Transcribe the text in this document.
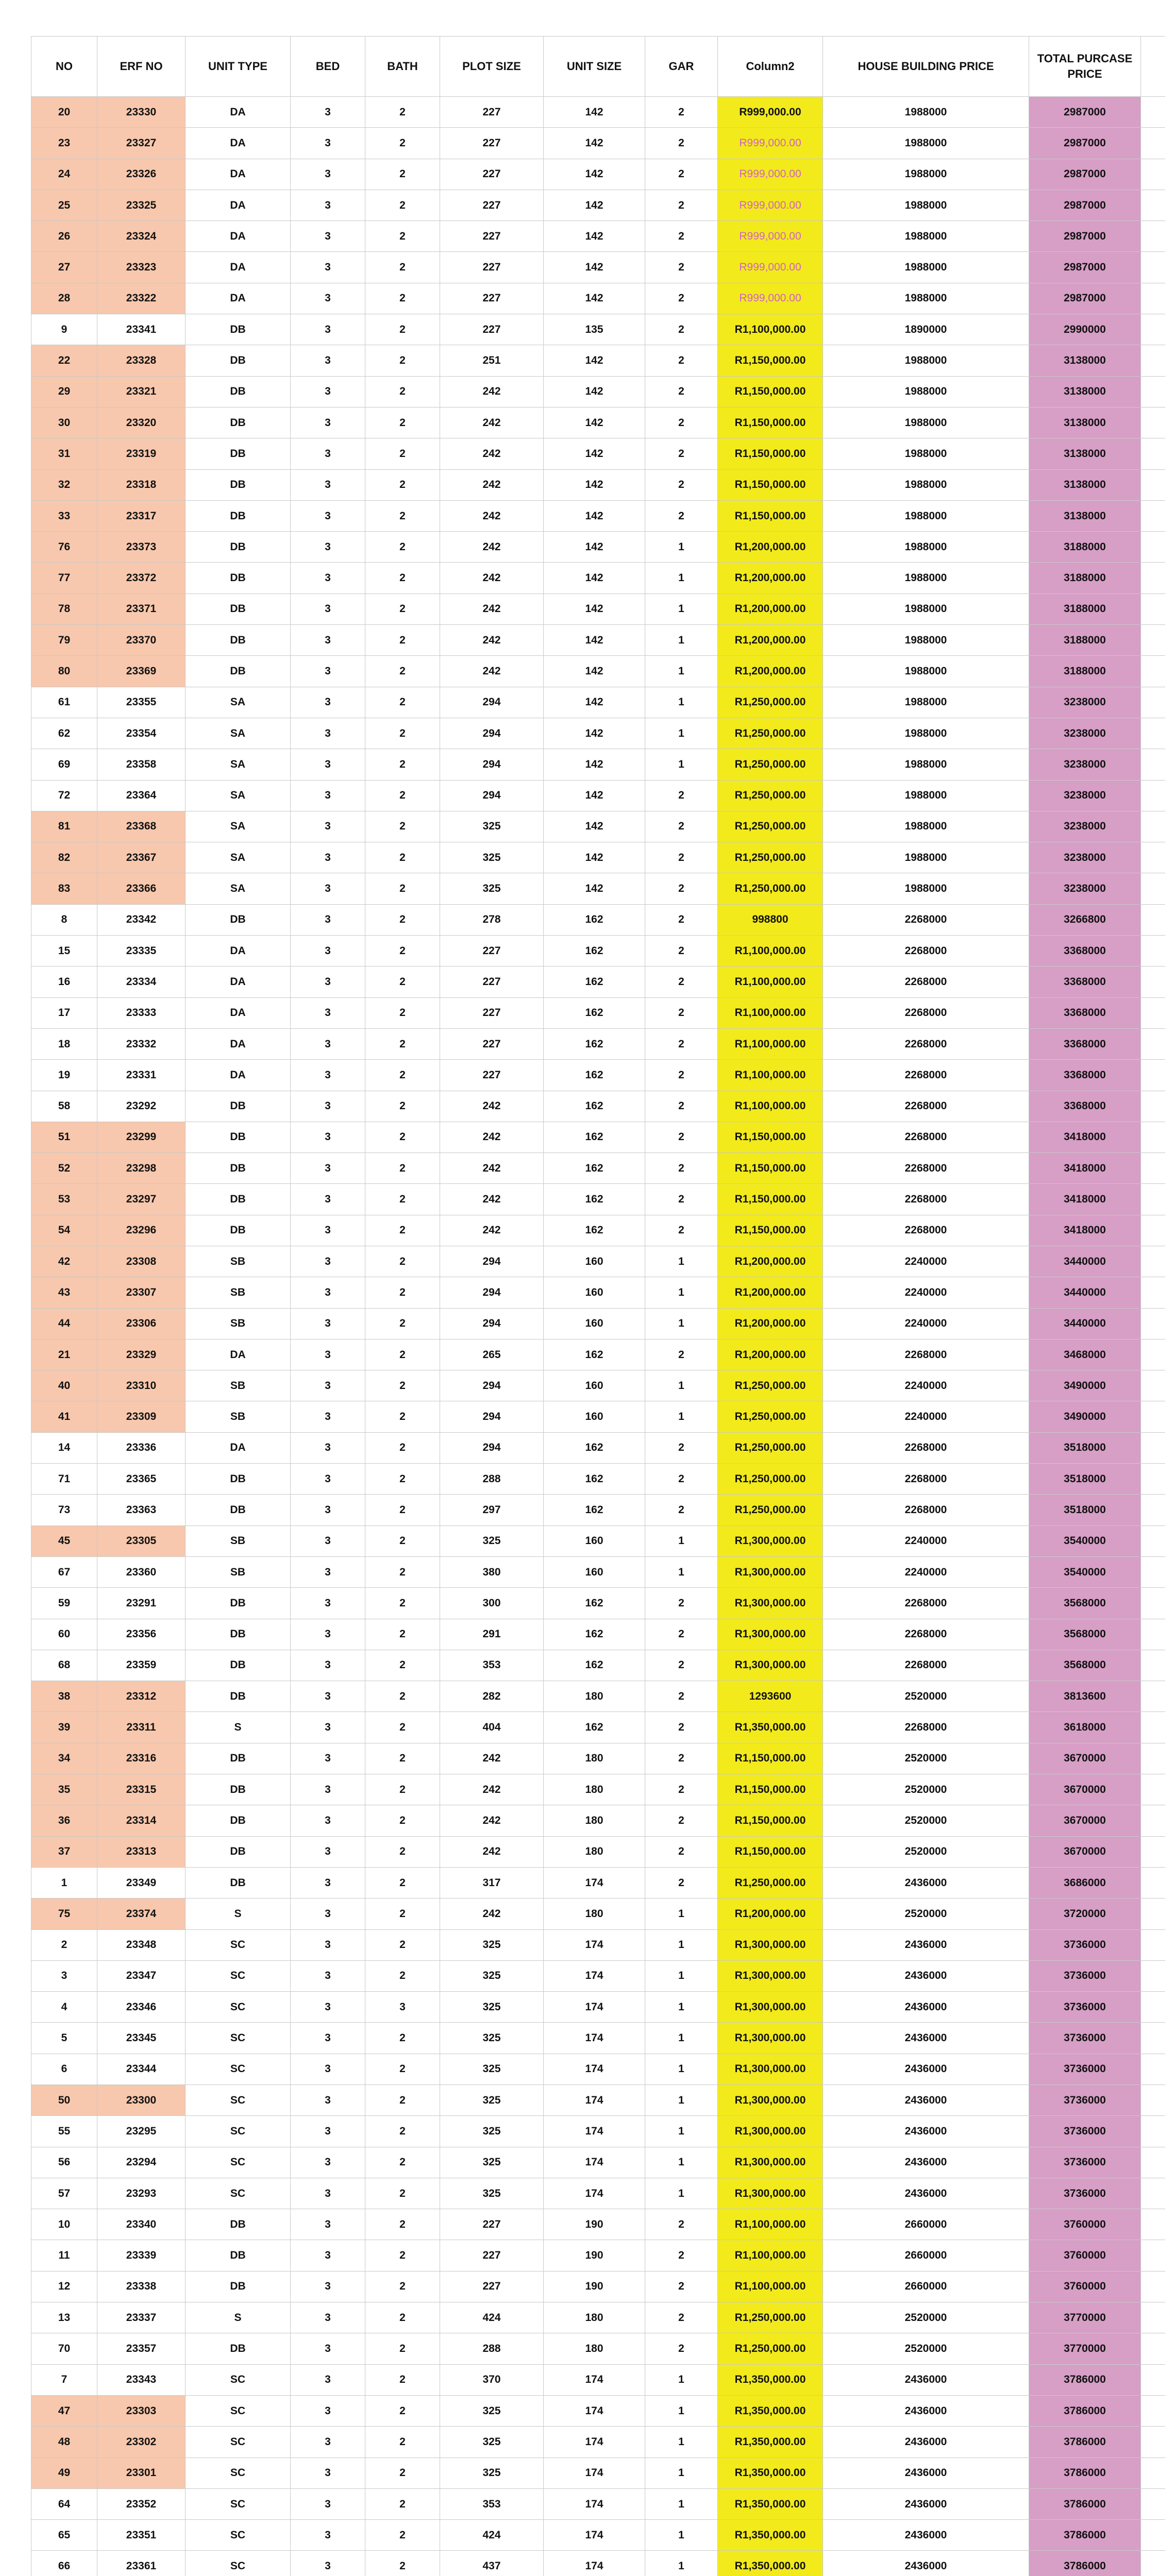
NO	ERF NO	UNIT TYPE	BED	BATH	PLOT SIZE	UNIT SIZE	GAR	Column2	HOUSE BUILDING PRICE	TOTAL PURCASE PRICE	
20	23330	DA	3	2	227	142	2	R999,000.00	1988000	2987000	
23	23327	DA	3	2	227	142	2	R999,000.00	1988000	2987000	
24	23326	DA	3	2	227	142	2	R999,000.00	1988000	2987000	
25	23325	DA	3	2	227	142	2	R999,000.00	1988000	2987000	
26	23324	DA	3	2	227	142	2	R999,000.00	1988000	2987000	
27	23323	DA	3	2	227	142	2	R999,000.00	1988000	2987000	
28	23322	DA	3	2	227	142	2	R999,000.00	1988000	2987000	
9	23341	DB	3	2	227	135	2	R1,100,000.00	1890000	2990000	
22	23328	DB	3	2	251	142	2	R1,150,000.00	1988000	3138000	
29	23321	DB	3	2	242	142	2	R1,150,000.00	1988000	3138000	
30	23320	DB	3	2	242	142	2	R1,150,000.00	1988000	3138000	
31	23319	DB	3	2	242	142	2	R1,150,000.00	1988000	3138000	
32	23318	DB	3	2	242	142	2	R1,150,000.00	1988000	3138000	
33	23317	DB	3	2	242	142	2	R1,150,000.00	1988000	3138000	
76	23373	DB	3	2	242	142	1	R1,200,000.00	1988000	3188000	
77	23372	DB	3	2	242	142	1	R1,200,000.00	1988000	3188000	
78	23371	DB	3	2	242	142	1	R1,200,000.00	1988000	3188000	
79	23370	DB	3	2	242	142	1	R1,200,000.00	1988000	3188000	
80	23369	DB	3	2	242	142	1	R1,200,000.00	1988000	3188000	
61	23355	SA	3	2	294	142	1	R1,250,000.00	1988000	3238000	
62	23354	SA	3	2	294	142	1	R1,250,000.00	1988000	3238000	
69	23358	SA	3	2	294	142	1	R1,250,000.00	1988000	3238000	
72	23364	SA	3	2	294	142	2	R1,250,000.00	1988000	3238000	
81	23368	SA	3	2	325	142	2	R1,250,000.00	1988000	3238000	
82	23367	SA	3	2	325	142	2	R1,250,000.00	1988000	3238000	
83	23366	SA	3	2	325	142	2	R1,250,000.00	1988000	3238000	
8	23342	DB	3	2	278	162	2	998800	2268000	3266800	
15	23335	DA	3	2	227	162	2	R1,100,000.00	2268000	3368000	
16	23334	DA	3	2	227	162	2	R1,100,000.00	2268000	3368000	
17	23333	DA	3	2	227	162	2	R1,100,000.00	2268000	3368000	
18	23332	DA	3	2	227	162	2	R1,100,000.00	2268000	3368000	
19	23331	DA	3	2	227	162	2	R1,100,000.00	2268000	3368000	
58	23292	DB	3	2	242	162	2	R1,100,000.00	2268000	3368000	
51	23299	DB	3	2	242	162	2	R1,150,000.00	2268000	3418000	
52	23298	DB	3	2	242	162	2	R1,150,000.00	2268000	3418000	
53	23297	DB	3	2	242	162	2	R1,150,000.00	2268000	3418000	
54	23296	DB	3	2	242	162	2	R1,150,000.00	2268000	3418000	
42	23308	SB	3	2	294	160	1	R1,200,000.00	2240000	3440000	
43	23307	SB	3	2	294	160	1	R1,200,000.00	2240000	3440000	
44	23306	SB	3	2	294	160	1	R1,200,000.00	2240000	3440000	
21	23329	DA	3	2	265	162	2	R1,200,000.00	2268000	3468000	
40	23310	SB	3	2	294	160	1	R1,250,000.00	2240000	3490000	
41	23309	SB	3	2	294	160	1	R1,250,000.00	2240000	3490000	
14	23336	DA	3	2	294	162	2	R1,250,000.00	2268000	3518000	
71	23365	DB	3	2	288	162	2	R1,250,000.00	2268000	3518000	
73	23363	DB	3	2	297	162	2	R1,250,000.00	2268000	3518000	
45	23305	SB	3	2	325	160	1	R1,300,000.00	2240000	3540000	
67	23360	SB	3	2	380	160	1	R1,300,000.00	2240000	3540000	
59	23291	DB	3	2	300	162	2	R1,300,000.00	2268000	3568000	
60	23356	DB	3	2	291	162	2	R1,300,000.00	2268000	3568000	
68	23359	DB	3	2	353	162	2	R1,300,000.00	2268000	3568000	
38	23312	DB	3	2	282	180	2	1293600	2520000	3813600	
39	23311	S	3	2	404	162	2	R1,350,000.00	2268000	3618000	
34	23316	DB	3	2	242	180	2	R1,150,000.00	2520000	3670000	
35	23315	DB	3	2	242	180	2	R1,150,000.00	2520000	3670000	
36	23314	DB	3	2	242	180	2	R1,150,000.00	2520000	3670000	
37	23313	DB	3	2	242	180	2	R1,150,000.00	2520000	3670000	
1	23349	DB	3	2	317	174	2	R1,250,000.00	2436000	3686000	
75	23374	S	3	2	242	180	1	R1,200,000.00	2520000	3720000	
2	23348	SC	3	2	325	174	1	R1,300,000.00	2436000	3736000	
3	23347	SC	3	2	325	174	1	R1,300,000.00	2436000	3736000	
4	23346	SC	3	3	325	174	1	R1,300,000.00	2436000	3736000	
5	23345	SC	3	2	325	174	1	R1,300,000.00	2436000	3736000	
6	23344	SC	3	2	325	174	1	R1,300,000.00	2436000	3736000	
50	23300	SC	3	2	325	174	1	R1,300,000.00	2436000	3736000	
55	23295	SC	3	2	325	174	1	R1,300,000.00	2436000	3736000	
56	23294	SC	3	2	325	174	1	R1,300,000.00	2436000	3736000	
57	23293	SC	3	2	325	174	1	R1,300,000.00	2436000	3736000	
10	23340	DB	3	2	227	190	2	R1,100,000.00	2660000	3760000	
11	23339	DB	3	2	227	190	2	R1,100,000.00	2660000	3760000	
12	23338	DB	3	2	227	190	2	R1,100,000.00	2660000	3760000	
13	23337	S	3	2	424	180	2	R1,250,000.00	2520000	3770000	
70	23357	DB	3	2	288	180	2	R1,250,000.00	2520000	3770000	
7	23343	SC	3	2	370	174	1	R1,350,000.00	2436000	3786000	
47	23303	SC	3	2	325	174	1	R1,350,000.00	2436000	3786000	
48	23302	SC	3	2	325	174	1	R1,350,000.00	2436000	3786000	
49	23301	SC	3	2	325	174	1	R1,350,000.00	2436000	3786000	
64	23352	SC	3	2	353	174	1	R1,350,000.00	2436000	3786000	
65	23351	SC	3	2	424	174	1	R1,350,000.00	2436000	3786000	
66	23361	SC	3	2	437	174	1	R1,350,000.00	2436000	3786000	
